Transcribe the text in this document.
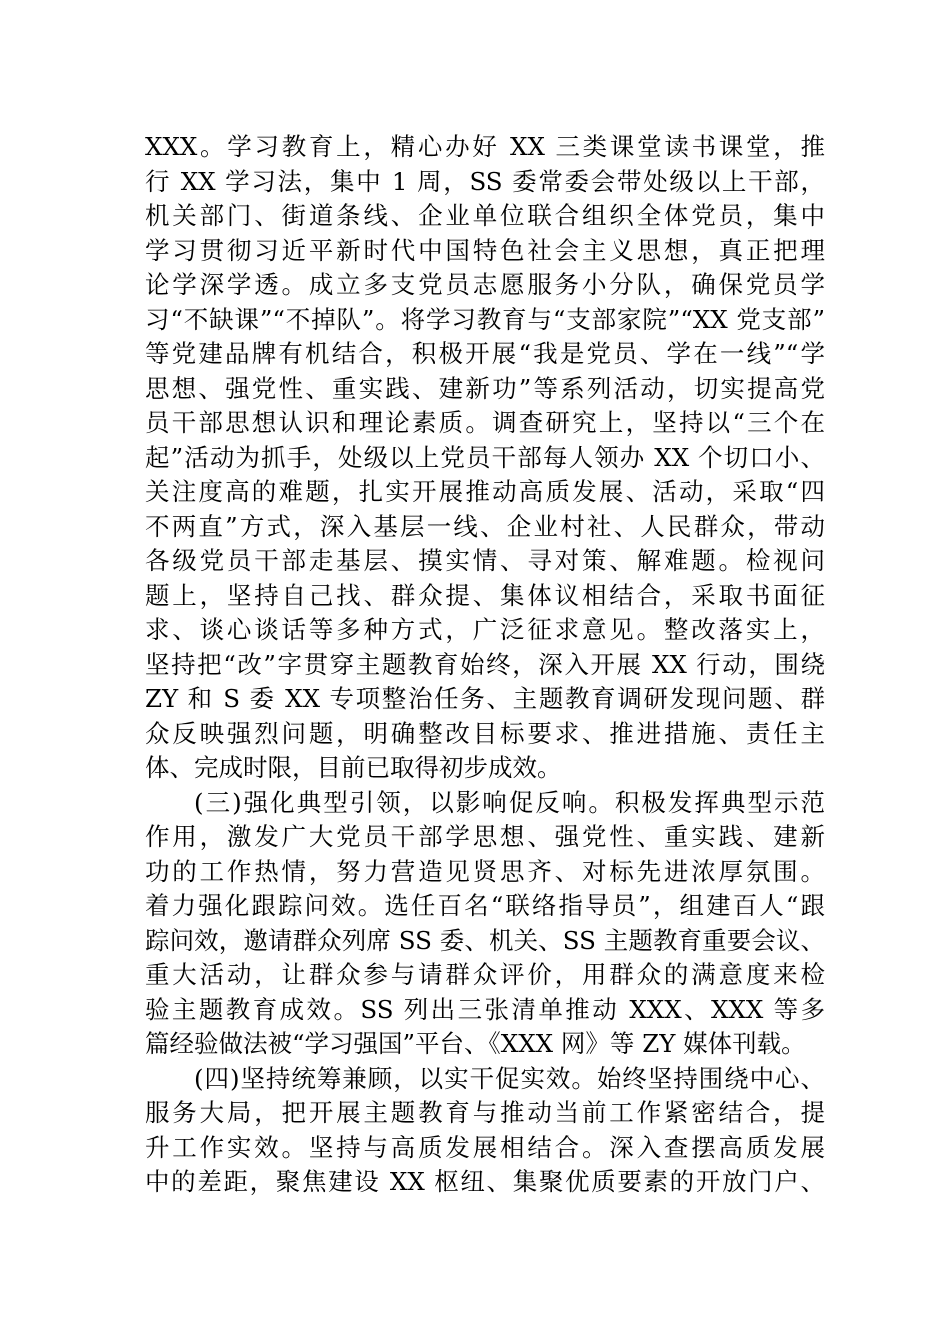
XXX。学习教育上，精心办好 XX 三类课堂读书课堂，推
行 XX 学习法，集中 1 周，SS 委常委会带处级以上干部，
机关部门、街道条线、企业单位联合组织全体党员，集中
学习贯彻习近平新时代中国特色社会主义思想，真正把理
论学深学透。成立多支党员志愿服务小分队，确保党员学
习“不缺课”“不掉队”。将学习教育与“支部家院”“XX 党支部”
等党建品牌有机结合，积极开展“我是党员、学在一线”“学
思想、强党性、重实践、建新功”等系列活动，切实提高党
员干部思想认识和理论素质。调查研究上，坚持以“三个在
起”活动为抓手，处级以上党员干部每人领办 XX 个切口小、
关注度高的难题，扎实开展推动高质发展、活动，采取“四
不两直”方式，深入基层一线、企业村社、人民群众，带动
各级党员干部走基层、摸实情、寻对策、解难题。检视问
题上，坚持自己找、群众提、集体议相结合，采取书面征
求、谈心谈话等多种方式，广泛征求意见。整改落实上，
坚持把“改”字贯穿主题教育始终，深入开展 XX 行动，围绕
ZY 和 S 委 XX 专项整治任务、主题教育调研发现问题、群
众反映强烈问题，明确整改目标要求、推进措施、责任主
体、完成时限，目前已取得初步成效。
(三)强化典型引领，以影响促反响。积极发挥典型示范
作用，激发广大党员干部学思想、强党性、重实践、建新
功的工作热情，努力营造见贤思齐、对标先进浓厚氛围。
着力强化跟踪问效。选任百名“联络指导员”，组建百人“跟
踪问效，邀请群众列席 SS 委、机关、SS 主题教育重要会议、
重大活动，让群众参与请群众评价，用群众的满意度来检
验主题教育成效。SS 列出三张清单推动 XXX、XXX 等多
篇经验做法被“学习强国”平台、《XXX 网》等 ZY 媒体刊载。
(四)坚持统筹兼顾，以实干促实效。始终坚持围绕中心、
服务大局，把开展主题教育与推动当前工作紧密结合，提
升工作实效。坚持与高质发展相结合。深入查摆高质发展
中的差距，聚焦建设 XX 枢纽、集聚优质要素的开放门户、
